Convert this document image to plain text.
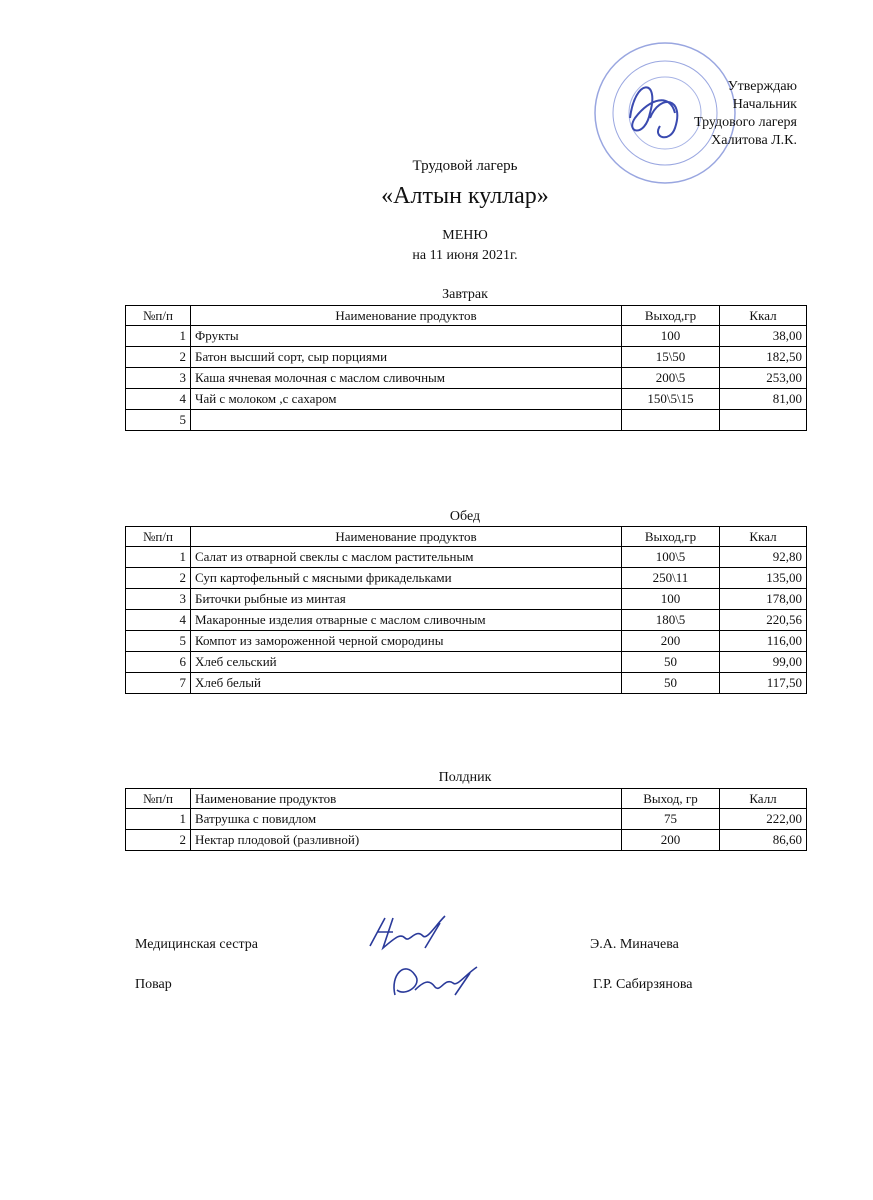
Утверждаю
Начальник
Трудового лагеря
Халитова Л.К.
Трудовой лагерь
«Алтын куллар»
МЕНЮ
на 11 июня 2021г.
Завтрак
№п/п	Наименование продуктов	Выход,гр	Ккал
1	Фрукты	100	38,00
2	Батон высший сорт, сыр порциями	15\50	182,50
3	Каша ячневая молочная с маслом сливочным	200\5	253,00
4	Чай с молоком ,с сахаром	150\5\15	81,00
5			
Обед
№п/п	Наименование продуктов	Выход,гр	Ккал
1	Салат из отварной свеклы с маслом растительным	100\5	92,80
2	Суп картофельный с мясными фрикадельками	250\11	135,00
3	Биточки рыбные из минтая	100	178,00
4	Макаронные изделия отварные с маслом сливочным	180\5	220,56
5	Компот из замороженной черной смородины	200	116,00
6	Хлеб сельский	50	99,00
7	Хлеб белый	50	117,50
Полдник
№п/п	Наименование продуктов	Выход, гр	Калл
1	Ватрушка с повидлом	75	222,00
2	Нектар плодовой (разливной)	200	86,60
Медицинская сестра	Э.А. Миначева
Повар	Г.Р. Сабирзянова
